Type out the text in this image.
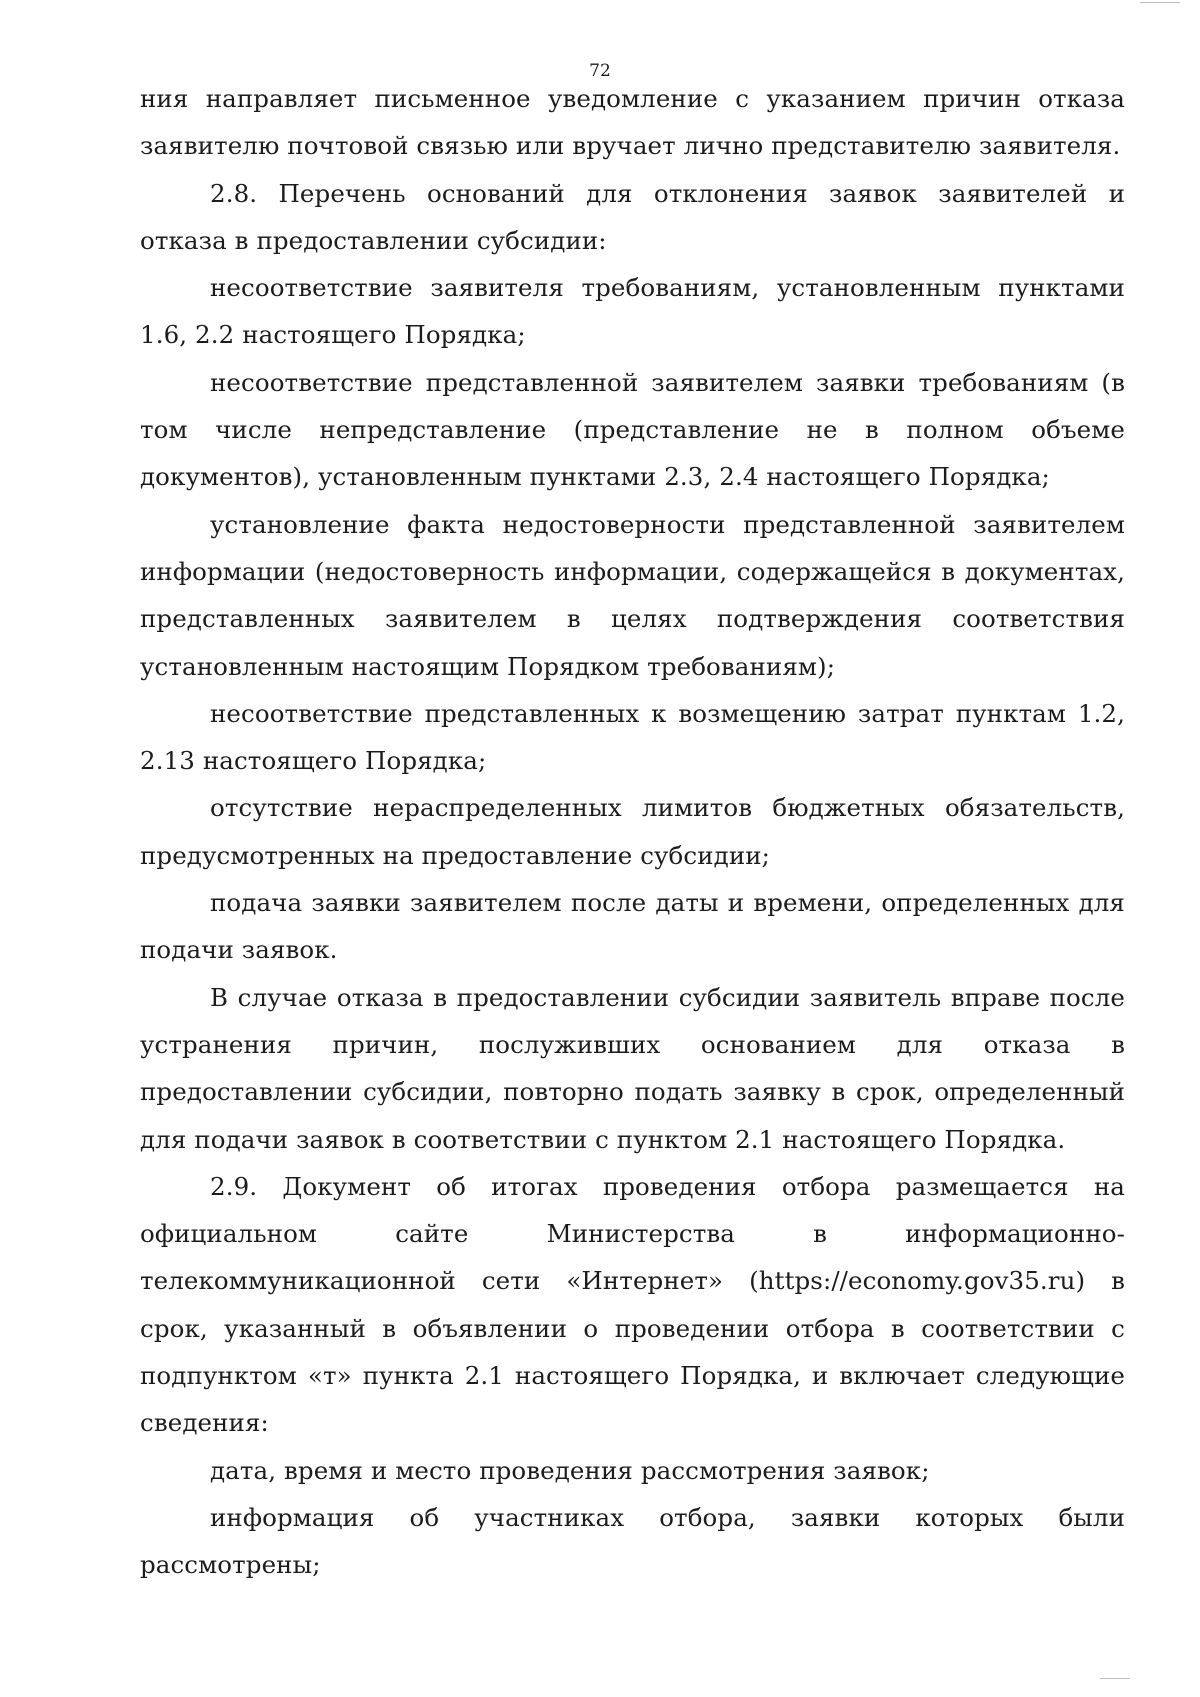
72

ния направляет письменное уведомление с указанием причин отказа заявителю почтовой связью или вручает лично представителю заявителя.

2.8. Перечень оснований для отклонения заявок заявителей и отказа в предоставлении субсидии:

несоответствие заявителя требованиям, установленным пунктами 1.6, 2.2 настоящего Порядка;

несоответствие представленной заявителем заявки требованиям (в том числе непредставление (представление не в полном объеме документов), установленным пунктами 2.3, 2.4 настоящего Порядка;

установление факта недостоверности представленной заявителем информации (недостоверность информации, содержащейся в документах, представленных заявителем в целях подтверждения соответствия установленным настоящим Порядком требованиям);

несоответствие представленных к возмещению затрат пунктам 1.2, 2.13 настоящего Порядка;

отсутствие нераспределенных лимитов бюджетных обязательств, предусмотренных на предоставление субсидии;

подача заявки заявителем после даты и времени, определенных для подачи заявок.

В случае отказа в предоставлении субсидии заявитель вправе после устранения причин, послуживших основанием для отказа в предоставлении субсидии, повторно подать заявку в срок, определенный для подачи заявок в соответствии с пунктом 2.1 настоящего Порядка.

2.9. Документ об итогах проведения отбора размещается на официальном сайте Министерства в информационно-телекоммуникационной сети «Интернет» (https://economy.gov35.ru) в срок, указанный в объявлении о проведении отбора в соответствии с подпунктом «т» пункта 2.1 настоящего Порядка, и включает следующие сведения:

дата, время и место проведения рассмотрения заявок;

информация об участниках отбора, заявки которых были рассмотрены;
